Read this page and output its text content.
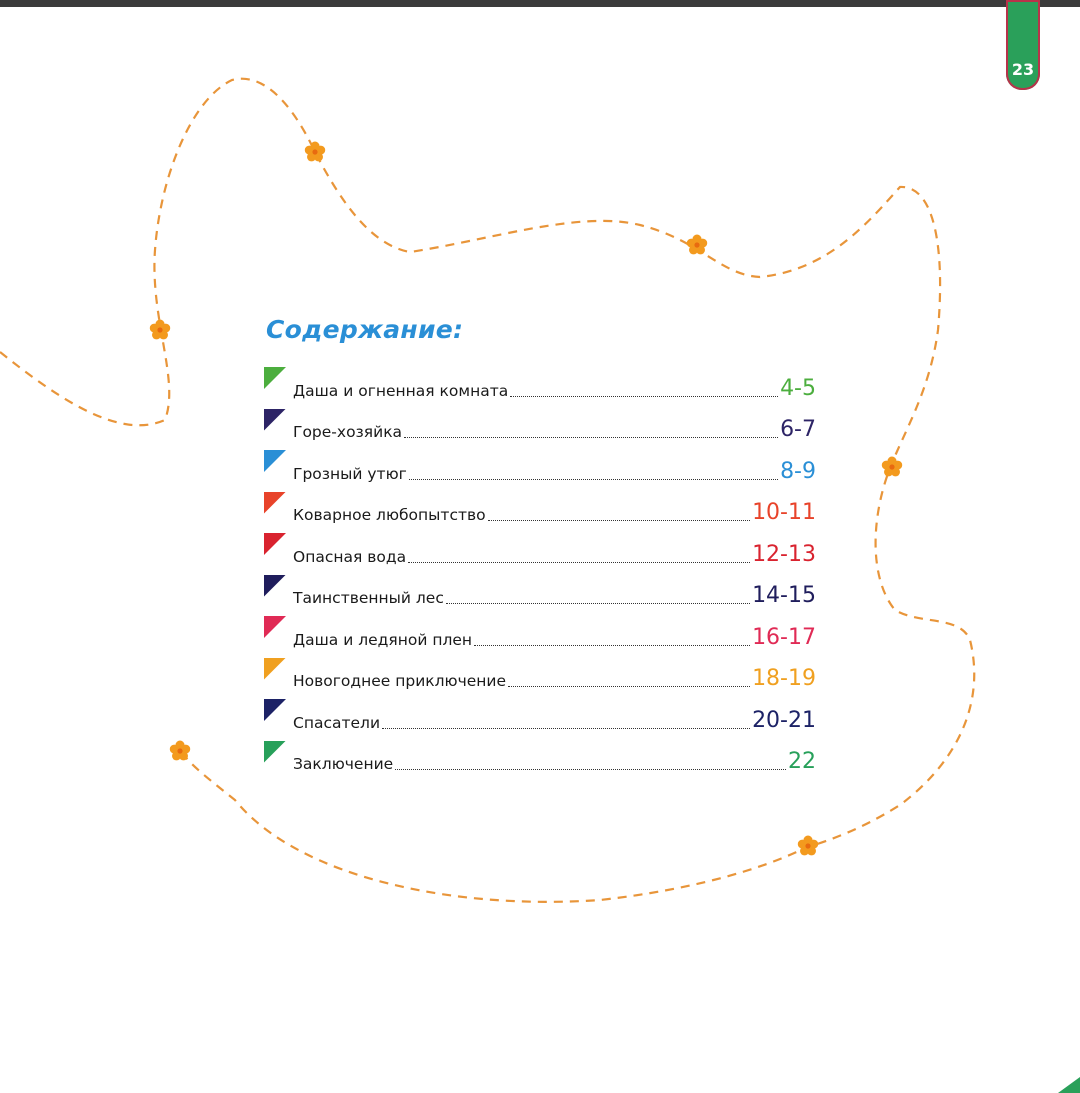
23
Содержание:
Даша и огненная комната	4-5
Горе-хозяйка	6-7
Грозный утюг	8-9
Коварное любопытство	10-11
Опасная вода	12-13
Таинственный лес	14-15
Даша и ледяной плен	16-17
Новогоднее приключение	18-19
Спасатели	20-21
Заключение	22
